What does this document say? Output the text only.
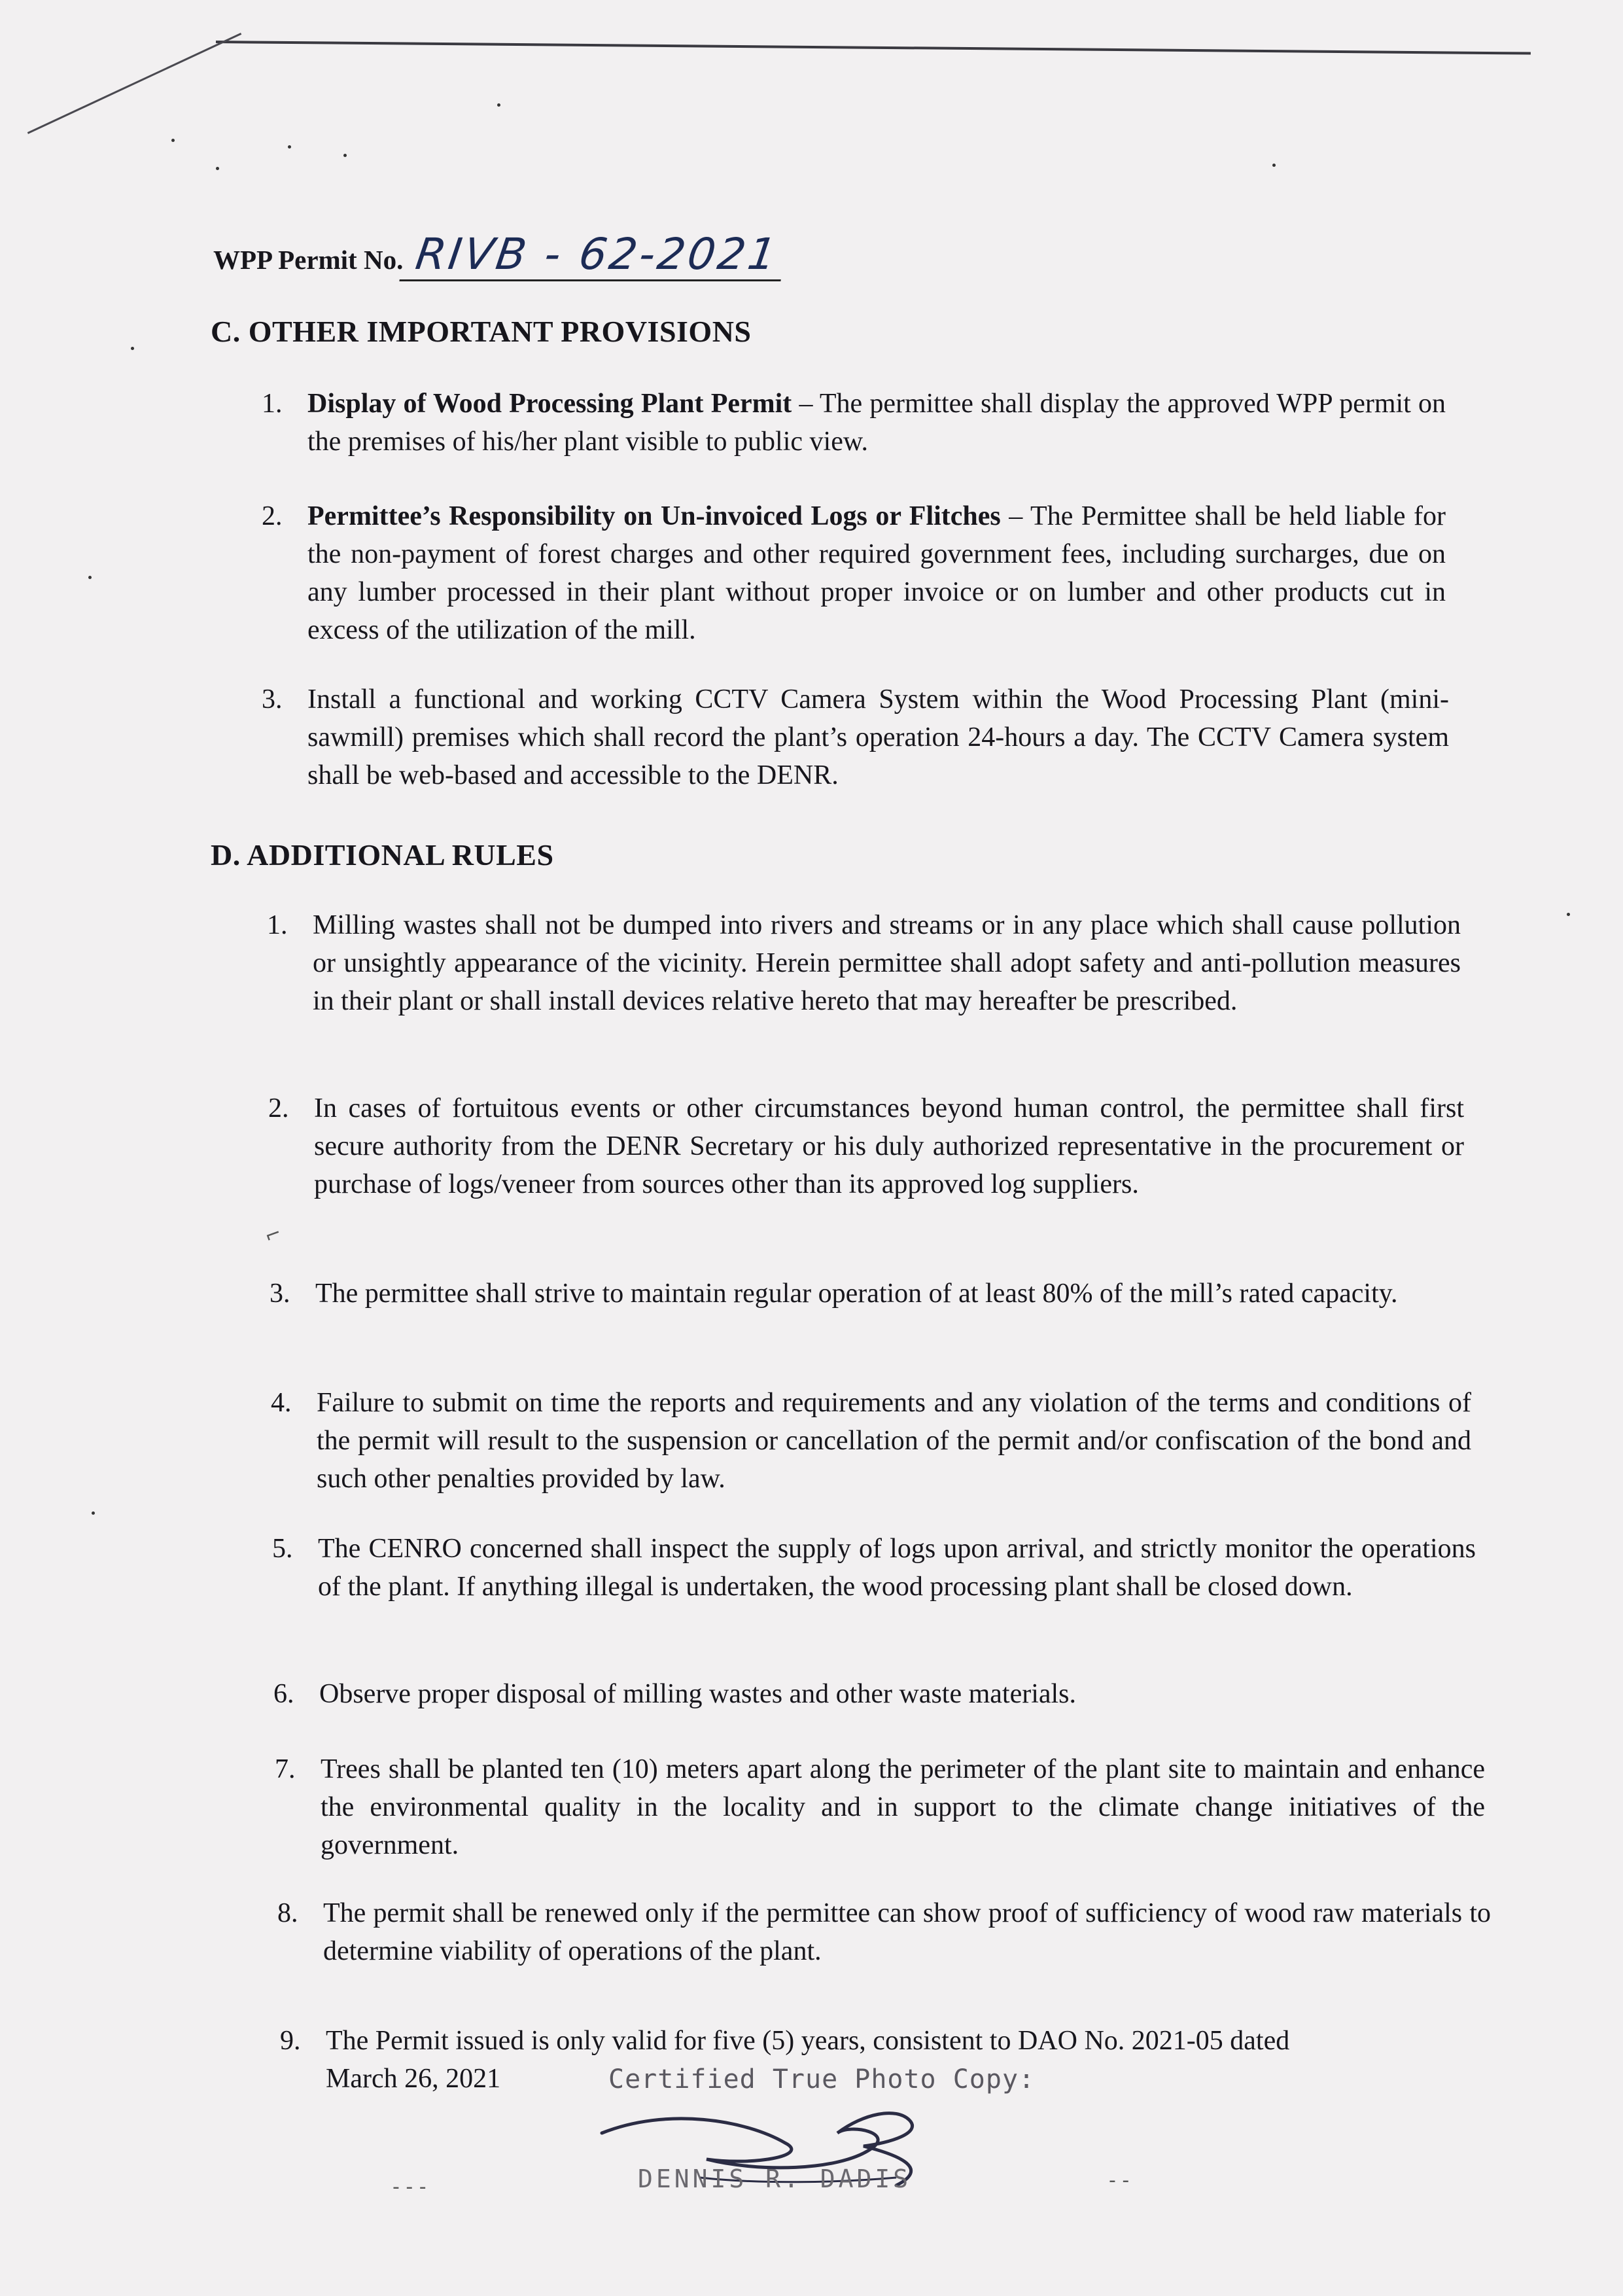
WPP Permit No. RIVB - 62-2021
C. OTHER IMPORTANT PROVISIONS
1. Display of Wood Processing Plant Permit – The permittee shall display the approved WPP permit on the premises of his/her plant visible to public view.
2. Permittee’s Responsibility on Un-invoiced Logs or Flitches – The Permittee shall be held liable for the non-payment of forest charges and other required government fees, including surcharges, due on any lumber processed in their plant without proper invoice or on lumber and other products cut in excess of the utilization of the mill.
3. Install a functional and working CCTV Camera System within the Wood Processing Plant (mini-sawmill) premises which shall record the plant’s operation 24-hours a day. The CCTV Camera system shall be web-based and accessible to the DENR.
D. ADDITIONAL RULES
1. Milling wastes shall not be dumped into rivers and streams or in any place which shall cause pollution or unsightly appearance of the vicinity. Herein permittee shall adopt safety and anti-pollution measures in their plant or shall install devices relative hereto that may hereafter be prescribed.
2. In cases of fortuitous events or other circumstances beyond human control, the permittee shall first secure authority from the DENR Secretary or his duly authorized representative in the procurement or purchase of logs/veneer from sources other than its approved log suppliers.
3. The permittee shall strive to maintain regular operation of at least 80% of the mill’s rated capacity.
4. Failure to submit on time the reports and requirements and any violation of the terms and conditions of the permit will result to the suspension or cancellation of the permit and/or confiscation of the bond and such other penalties provided by law.
5. The CENRO concerned shall inspect the supply of logs upon arrival, and strictly monitor the operations of the plant. If anything illegal is undertaken, the wood processing plant shall be closed down.
6. Observe proper disposal of milling wastes and other waste materials.
7. Trees shall be planted ten (10) meters apart along the perimeter of the plant site to maintain and enhance the environmental quality in the locality and in support to the climate change initiatives of the government.
8. The permit shall be renewed only if the permittee can show proof of sufficiency of wood raw materials to determine viability of operations of the plant.
9. The Permit issued is only valid for five (5) years, consistent to DAO No. 2021-05 dated March 26, 2021	Certified True Photo Copy:
DENNIS R. DADIS
⌐
‐ ‐ ‐	‐ ‐
